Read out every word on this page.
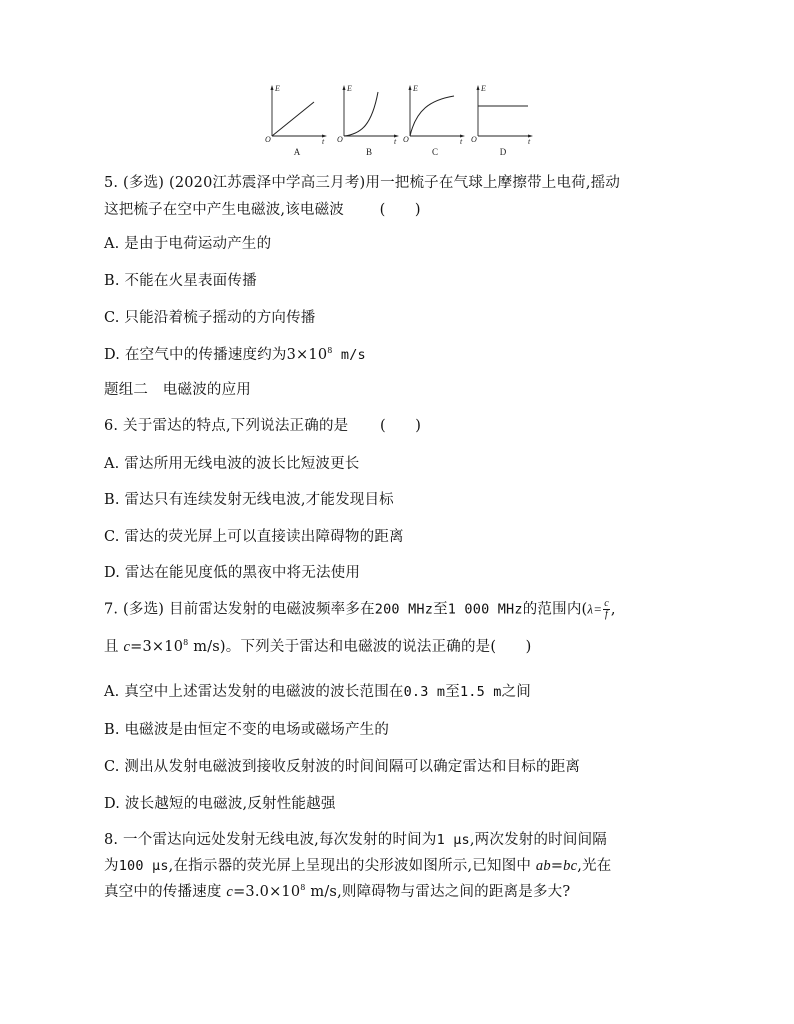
E
O	t
A
E
O	t
B
E
O	t
C
E
O	t
D
5. (多选) (2020江苏震泽中学高三月考)用一把梳子在气球上摩擦带上电荷,摇动
这把梳子在空中产生电磁波,该电磁波 (　　)
A. 是由于电荷运动产生的
B. 不能在火星表面传播
C. 只能沿着梳子摇动的方向传播
D. 在空气中的传播速度约为$3\times 10^8$ m/s
题组二　电磁波的应用
6. 关于雷达的特点,下列说法正确的是 (　　)
A. 雷达所用无线电波的波长比短波更长
B. 雷达只有连续发射无线电波,才能发现目标
C. 雷达的荧光屏上可以直接读出障碍物的距离
D. 雷达在能见度低的黑夜中将无法使用
7. (多选) 目前雷达发射的电磁波频率多在200 MHz至1 000 MHz的范围内($\lambda= \frac{c}{f}$ ,
且 $c=3\times 10^8$ m/s)。下列关于雷达和电磁波的说法正确的是(　　)
A. 真空中上述雷达发射的电磁波的波长范围在0.3 m至1.5 m之间
B. 电磁波是由恒定不变的电场或磁场产生的
C. 测出从发射电磁波到接收反射波的时间间隔可以确定雷达和目标的距离
D. 波长越短的电磁波,反射性能越强
8. 一个雷达向远处发射无线电波,每次发射的时间为1 μs,两次发射的时间间隔
为100 μs,在指示器的荧光屏上呈现出的尖形波如图所示,已知图中 ab=bc,光在
真空中的传播速度 $c=3.0\times 10^8$ m/s,则障碍物与雷达之间的距离是多大?
